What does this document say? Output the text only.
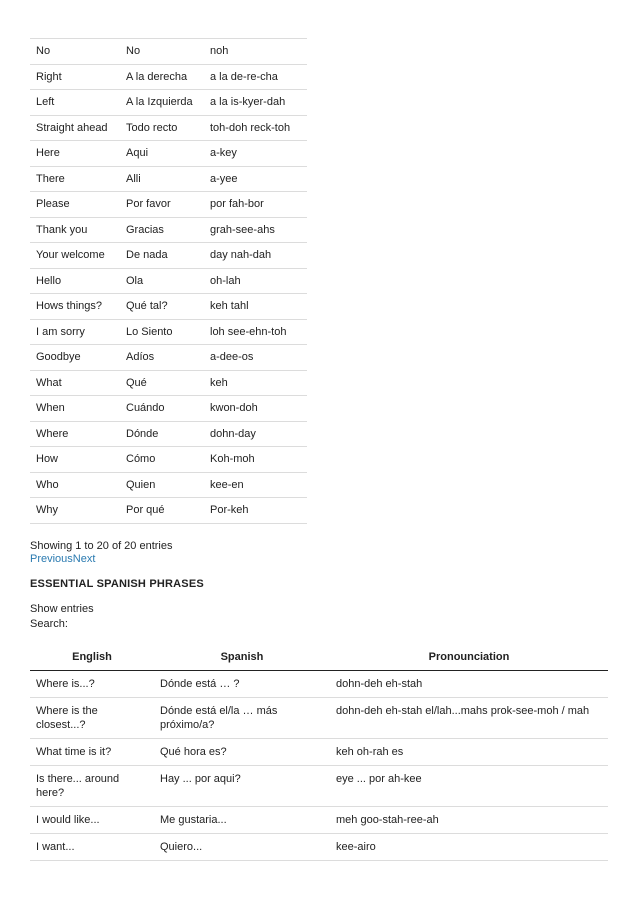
No	No	noh
Right	A la derecha	a la de-re-cha
Left	A la Izquierda	a la is-kyer-dah
Straight ahead	Todo recto	toh-doh reck-toh
Here	Aqui	a-key
There	Alli	a-yee
Please	Por favor	por fah-bor
Thank you	Gracias	grah-see-ahs
Your welcome	De nada	day nah-dah
Hello	Ola	oh-lah
Hows things?	Qué tal?	keh tahl
I am sorry	Lo Siento	loh see-ehn-toh
Goodbye	Adíos	a-dee-os
What	Qué	keh
When	Cuándo	kwon-doh
Where	Dónde	dohn-day
How	Cómo	Koh-moh
Who	Quien	kee-en
Why	Por qué	Por-keh
Showing 1 to 20 of 20 entries
PreviousNext
ESSENTIAL SPANISH PHRASES
Show entries
Search:
English	Spanish	Pronounciation
Where is...?	Dónde está … ?	dohn-deh eh-stah
Where is the closest...?	Dónde está el/la … más próximo/a?	dohn-deh eh-stah el/lah...mahs prok-see-moh / mah
What time is it?	Qué hora es?	keh oh-rah es
Is there... around here?	Hay ... por aqui?	eye ... por ah-kee
I would like...	Me gustaria...	meh goo-stah-ree-ah
I want...	Quiero...	kee-airo
